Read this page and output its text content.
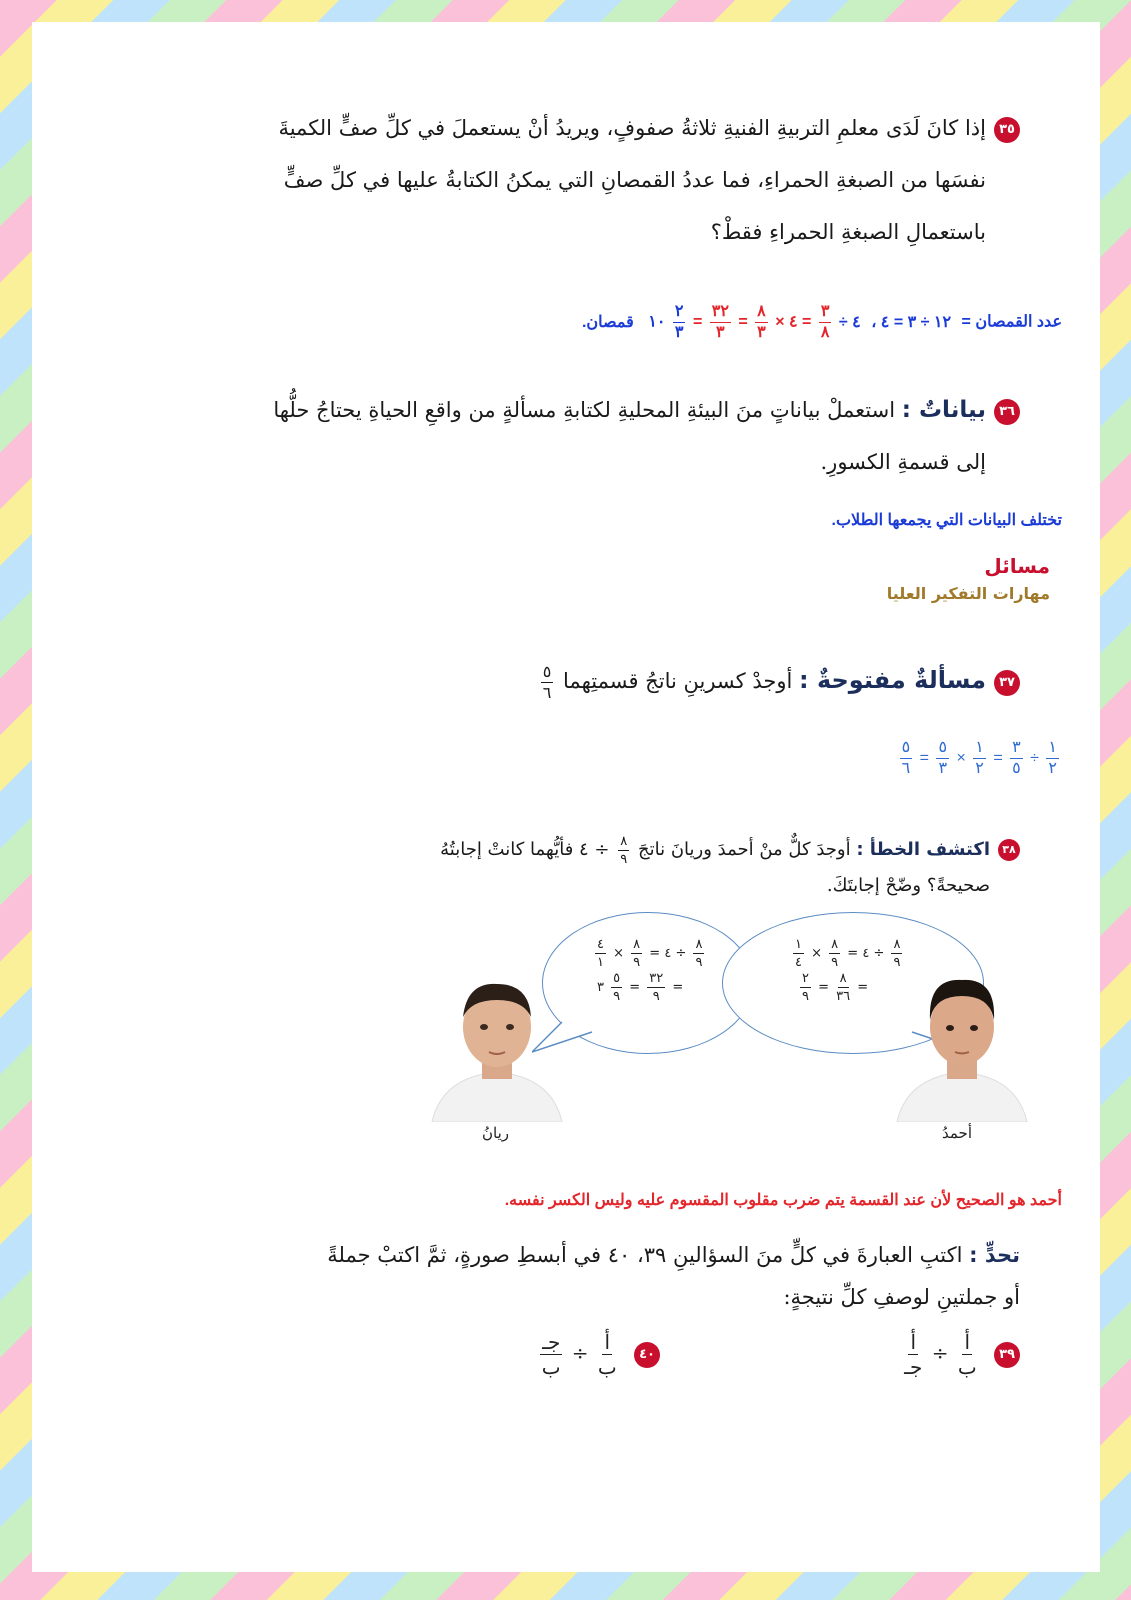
٣٥إذا كانَ لَدَى معلمِ التربيةِ الفنيةِ ثلاثةُ صفوفٍ، ويريدُ أنْ يستعملَ في كلِّ صفٍّ الكميةَ
نفسَها من الصبغةِ الحمراءِ، فما عددُ القمصانِ التي يمكنُ الكتابةُ عليها في كلِّ صفٍّ
باستعمالِ الصبغةِ الحمراءِ فقطْ؟
عدد القمصان = ١٢ ÷ ٣ = ٤ ، ٤ ÷
$\frac{٣}{٨}$
= ٤ ×
$\frac{٨}{٣}$
=
$\frac{٣٢}{٣}$
=
$\frac{٢}{٣}$
١٠ قمصان.
٣٦بياناتٌ : استعملْ بياناتٍ منَ البيئةِ المحليةِ لكتابةِ مسألةٍ من واقعِ الحياةِ يحتاجُ حلُّها
إلى قسمةِ الكسورِ.
تختلف البيانات التي يجمعها الطلاب.
مسائل
مهارات التفكير العليا
٣٧مسألةٌ مفتوحةٌ : أوجدْ كسرينِ ناتجُ قسمتِهما
$\frac{٥}{٦}$
$\frac{١}{٢}$
÷
$\frac{٣}{٥}$
=
$\frac{١}{٢}$
×
$\frac{٥}{٣}$
=
$\frac{٥}{٦}$
٣٨اكتشف الخطأ : أوجدَ كلٌّ منْ أحمدَ وريانَ ناتجَ
$\frac{٨}{٩}$
÷ ٤ فأيُّهما كانتْ إجابتُهُ
صحيحةً؟ وضّحْ إجابتَكَ.
$\frac{٨}{٩}$
÷ ٤ =
$\frac{٨}{٩}$
×
$\frac{٤}{١}$
=
$\frac{٣٢}{٩}$
=
$\frac{٥}{٩}$
٣
$\frac{٨}{٩}$
÷ ٤ =
$\frac{٨}{٩}$
×
$\frac{١}{٤}$
=
$\frac{٨}{٣٦}$
=
$\frac{٢}{٩}$
ريانُ	أحمدُ
أحمد هو الصحيح لأن عند القسمة يتم ضرب مقلوب المقسوم عليه وليس الكسر نفسه.
تحدٍّ : اكتبِ العبارةَ في كلٍّ منَ السؤالينِ ٣٩، ٤٠ في أبسطِ صورةٍ، ثمَّ اكتبْ جملةً
أو جملتينِ لوصفِ كلِّ نتيجةٍ:
٣٩
$\frac{\text{أ}}{\text{ب}}$
÷
$\frac{\text{أ}}{\text{جـ}}$
٤٠
$\frac{\text{أ}}{\text{ب}}$
÷
$\frac{\text{جـ}}{\text{ب}}$
